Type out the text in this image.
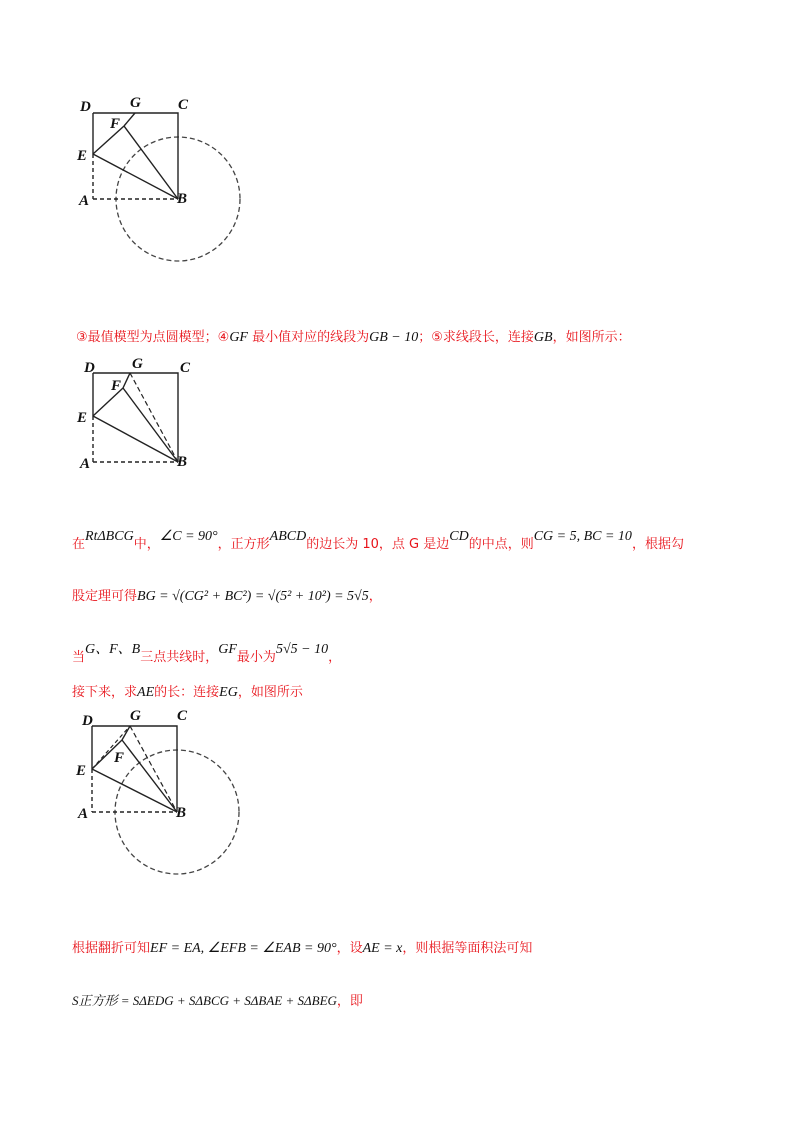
D	G C
F
E
A	B
③最值模型为点圆模型；④GF 最小值对应的线段为GB − 10；⑤求线段长，连接GB，如图所示：
D G C
F
E
A	B
在RtΔBCG中，∠C = 90°，正方形ABCD的边长为 10，点 G 是边CD的中点，则CG = 5, BC = 10，根据勾
股定理可得BG = √(CG² + BC²) = √(5² + 10²) = 5√5，
当G、F、B三点共线时，GF最小为5√5 − 10，
接下来，求AE的长：连接EG，如图所示
D G C
F
E
A	B
根据翻折可知EF = EA, ∠EFB = ∠EAB = 90°，设AE = x，则根据等面积法可知
S正方形 = SΔEDG + SΔBCG + SΔBAE + SΔBEG，即
